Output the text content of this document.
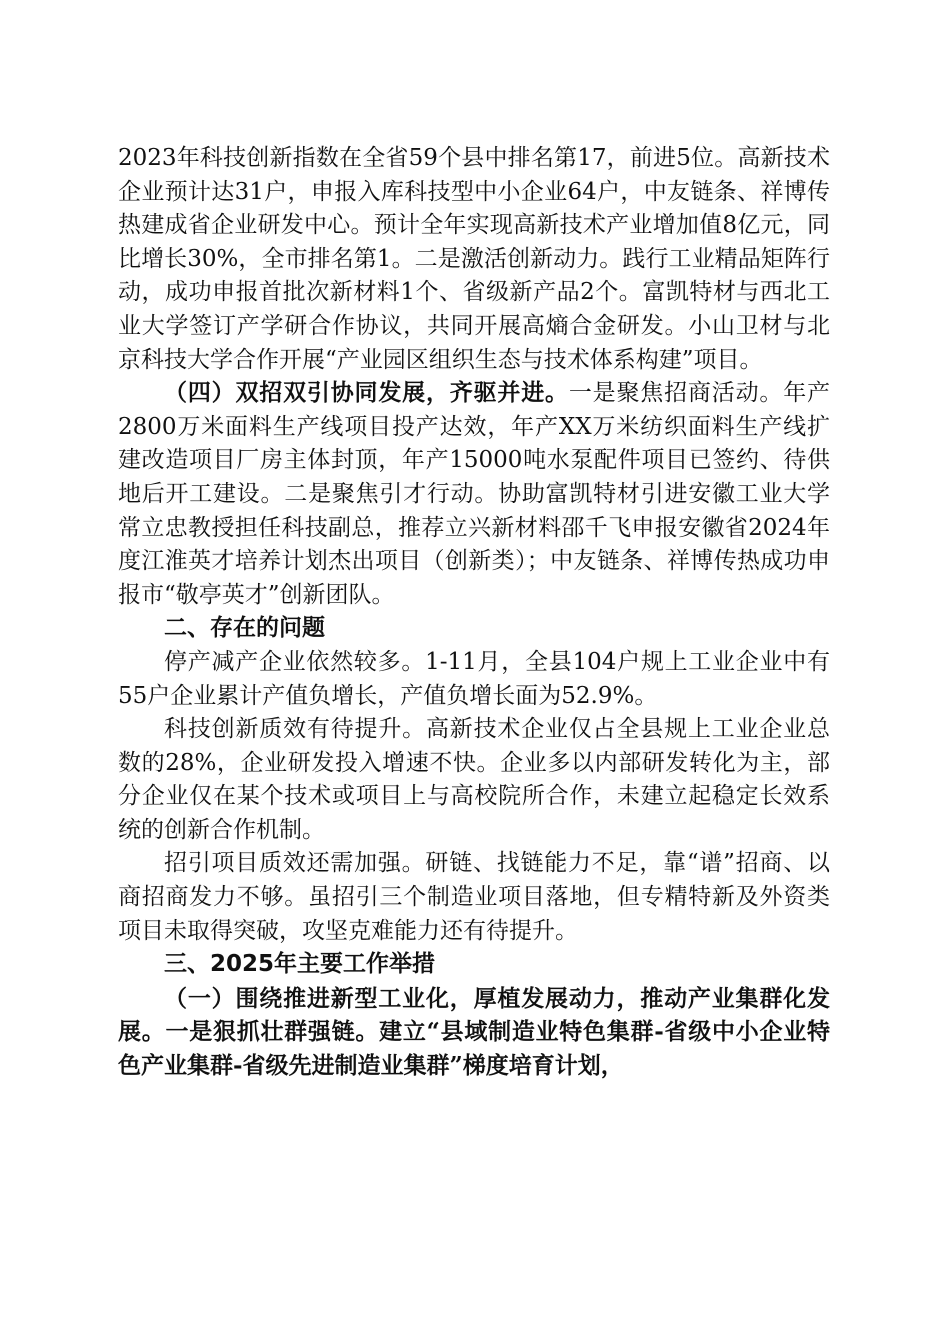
2023年科技创新指数在全省59个县中排名第17，前进5位。高新技术企业预计达31户，申报入库科技型中小企业64户，中友链条、祥博传热建成省企业研发中心。预计全年实现高新技术产业增加值8亿元，同比增长30%，全市排名第1。二是激活创新动力。践行工业精品矩阵行动，成功申报首批次新材料1个、省级新产品2个。富凯特材与西北工业大学签订产学研合作协议，共同开展高熵合金研发。小山卫材与北京科技大学合作开展“产业园区组织生态与技术体系构建”项目。

（四）双招双引协同发展，齐驱并进。一是聚焦招商活动。年产2800万米面料生产线项目投产达效，年产XX万米纺织面料生产线扩建改造项目厂房主体封顶，年产15000吨水泵配件项目已签约、待供地后开工建设。二是聚焦引才行动。协助富凯特材引进安徽工业大学常立忠教授担任科技副总，推荐立兴新材料邵千飞申报安徽省2024年度江淮英才培养计划杰出项目（创新类）；中友链条、祥博传热成功申报市“敬亭英才”创新团队。

二、存在的问题

停产减产企业依然较多。1-11月，全县104户规上工业企业中有55户企业累计产值负增长，产值负增长面为52.9%。

科技创新质效有待提升。高新技术企业仅占全县规上工业企业总数的28%，企业研发投入增速不快。企业多以内部研发转化为主，部分企业仅在某个技术或项目上与高校院所合作，未建立起稳定长效系统的创新合作机制。

招引项目质效还需加强。研链、找链能力不足，靠“谱”招商、以商招商发力不够。虽招引三个制造业项目落地，但专精特新及外资类项目未取得突破，攻坚克难能力还有待提升。

三、2025年主要工作举措

（一）围绕推进新型工业化，厚植发展动力，推动产业集群化发展。一是狠抓壮群强链。建立“县域制造业特色集群-省级中小企业特色产业集群-省级先进制造业集群”梯度培育计划，
